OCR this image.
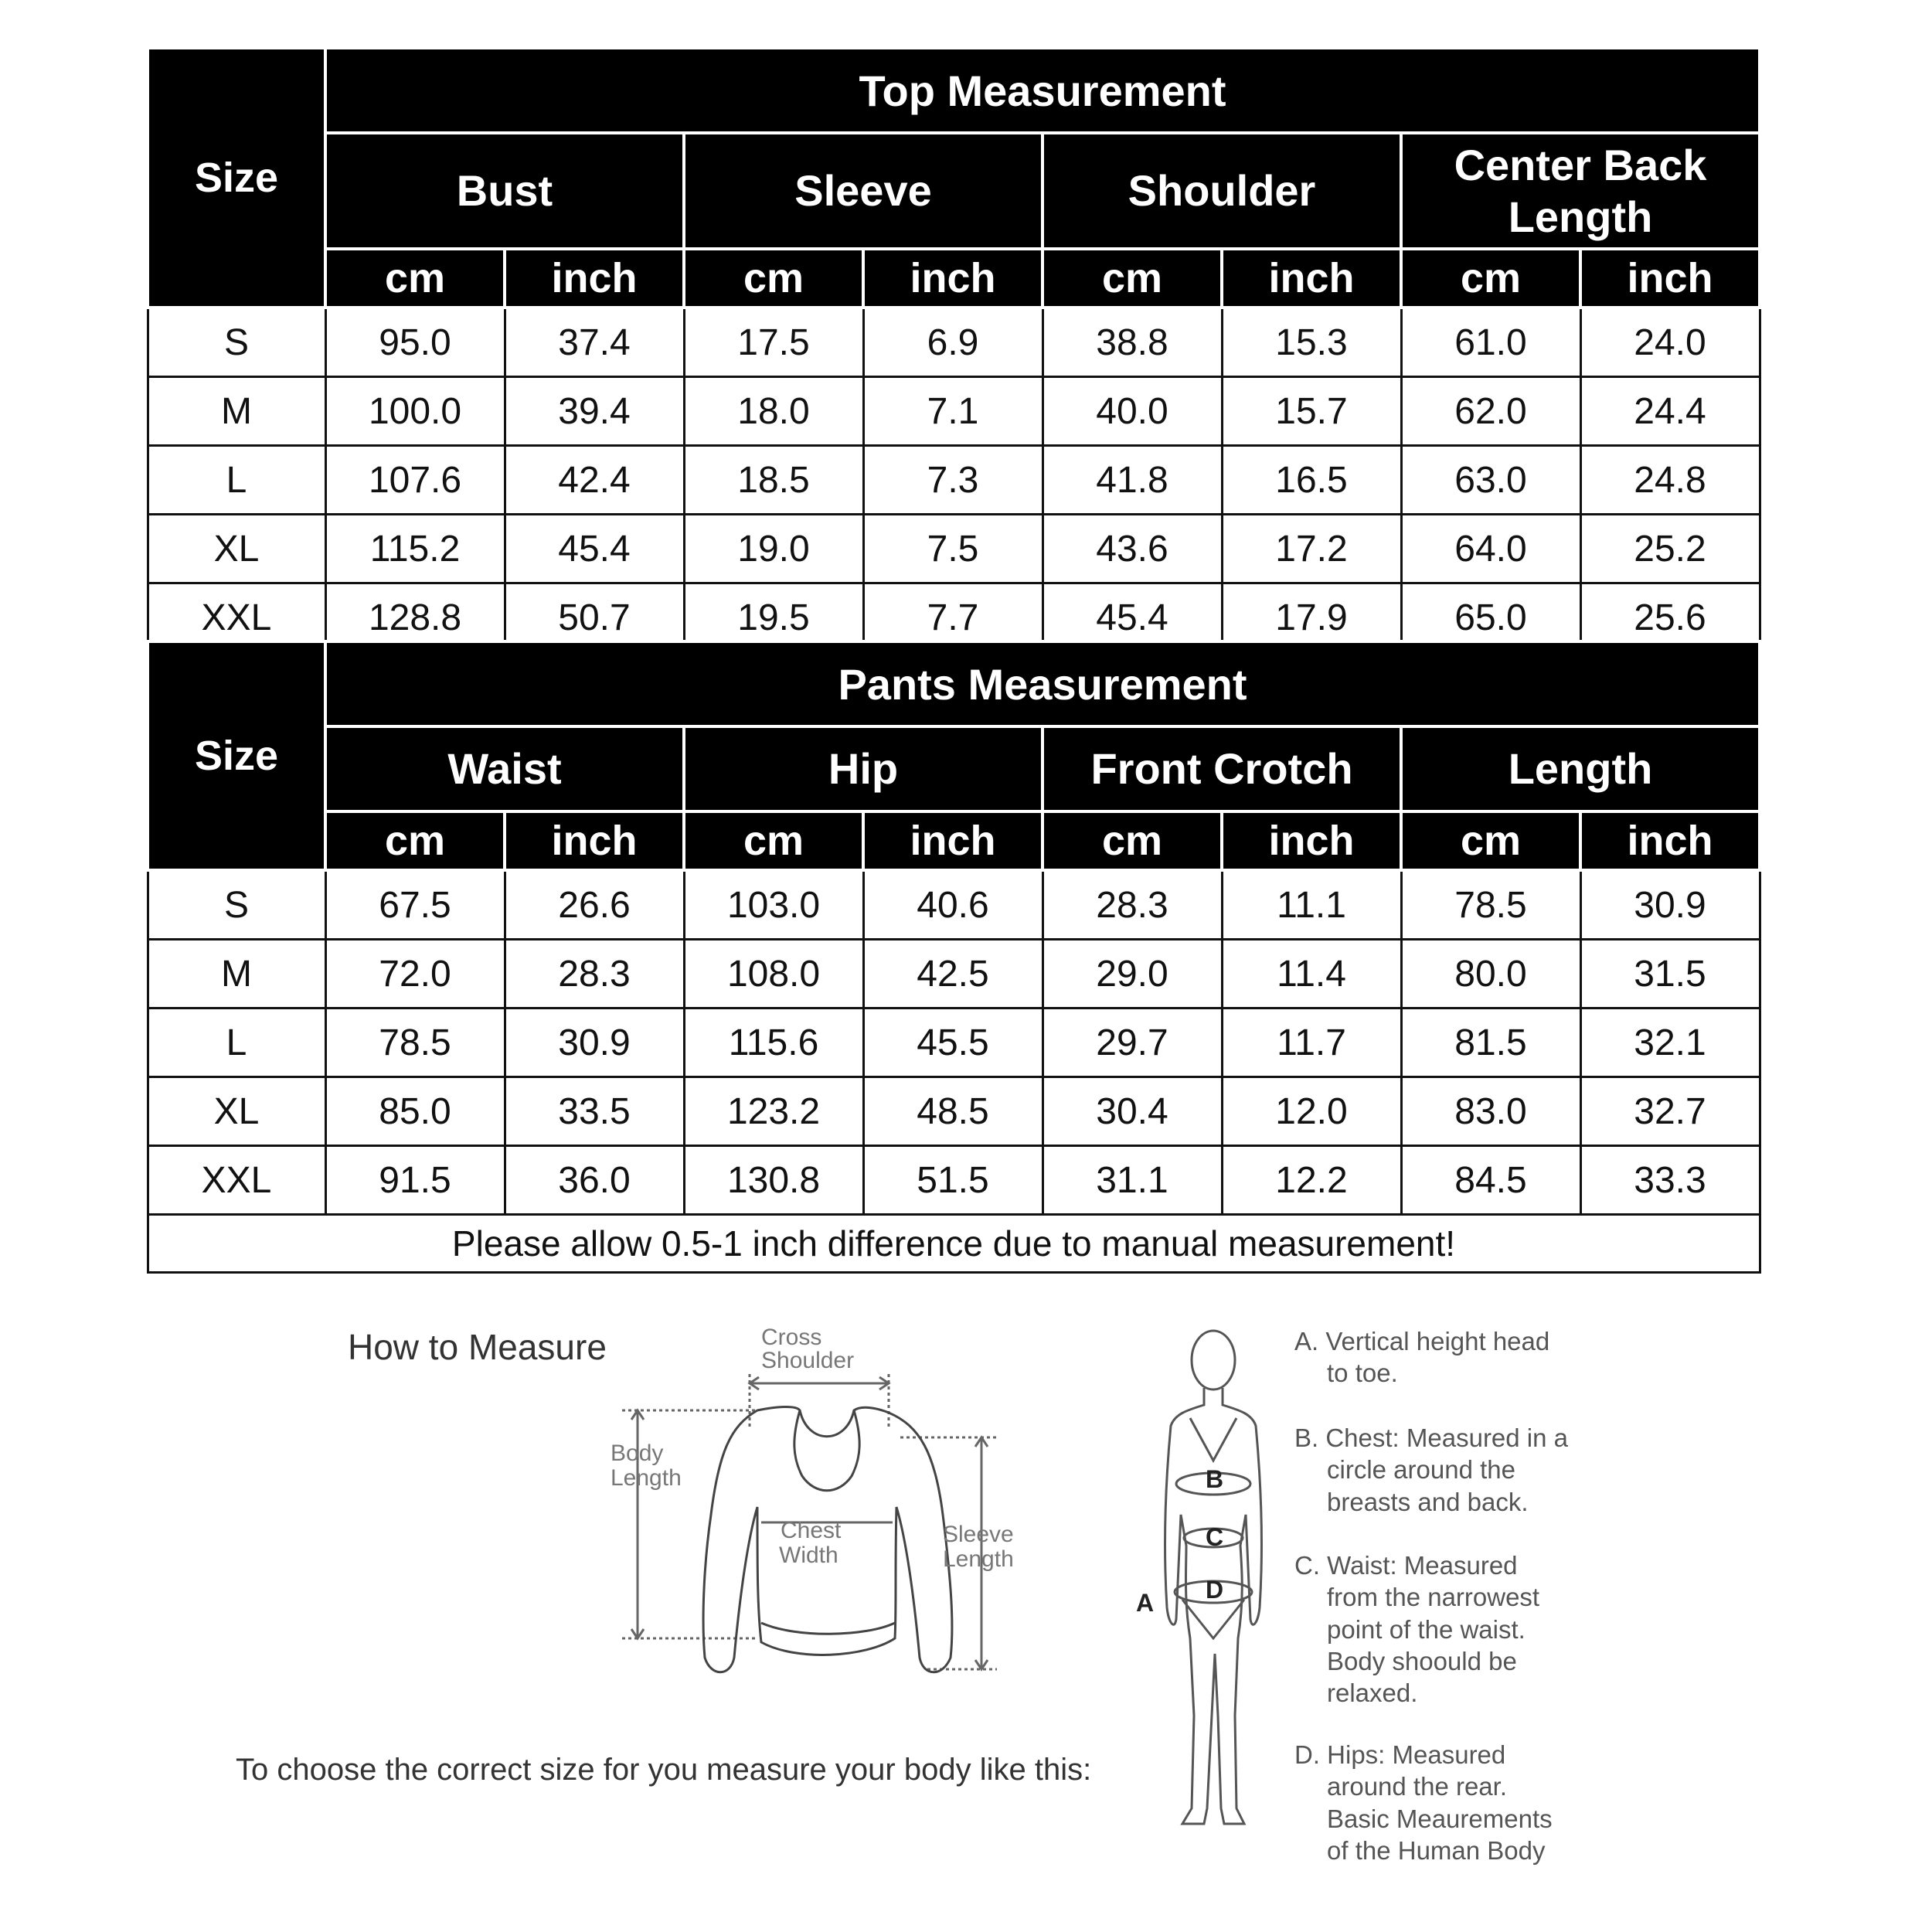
Size	Top Measurement							
	Bust		Sleeve		Shoulder		Center Back Length	
	cm	inch	cm	inch	cm	inch	cm	inch
S	95.0	37.4	17.5	6.9	38.8	15.3	61.0	24.0
M	100.0	39.4	18.0	7.1	40.0	15.7	62.0	24.4
L	107.6	42.4	18.5	7.3	41.8	16.5	63.0	24.8
XL	115.2	45.4	19.0	7.5	43.6	17.2	64.0	25.2
XXL	128.8	50.7	19.5	7.7	45.4	17.9	65.0	25.6
Size	Pants Measurement							
	Waist		Hip		Front Crotch		Length	
	cm	inch	cm	inch	cm	inch	cm	inch
S	67.5	26.6	103.0	40.6	28.3	11.1	78.5	30.9
M	72.0	28.3	108.0	42.5	29.0	11.4	80.0	31.5
L	78.5	30.9	115.6	45.5	29.7	11.7	81.5	32.1
XL	85.0	33.5	123.2	48.5	30.4	12.0	83.0	32.7
XXL	91.5	36.0	130.8	51.5	31.1	12.2	84.5	33.3
Please allow 0.5-1 inch difference due to manual measurement!								
How to Measure
To choose the correct size for you measure your body like this:
Cross
Shoulder
Body
Length
Chest
Width
Sleeve
Length
A
B
C
D
A. Vertical height head
to toe.
B. Chest: Measured in a
circle around the
breasts and back.
C. Waist: Measured
from the narrowest
point of the waist.
Body shoould be
relaxed.
D. Hips: Measured
around the rear.
Basic Meaurements
of the Human Body
